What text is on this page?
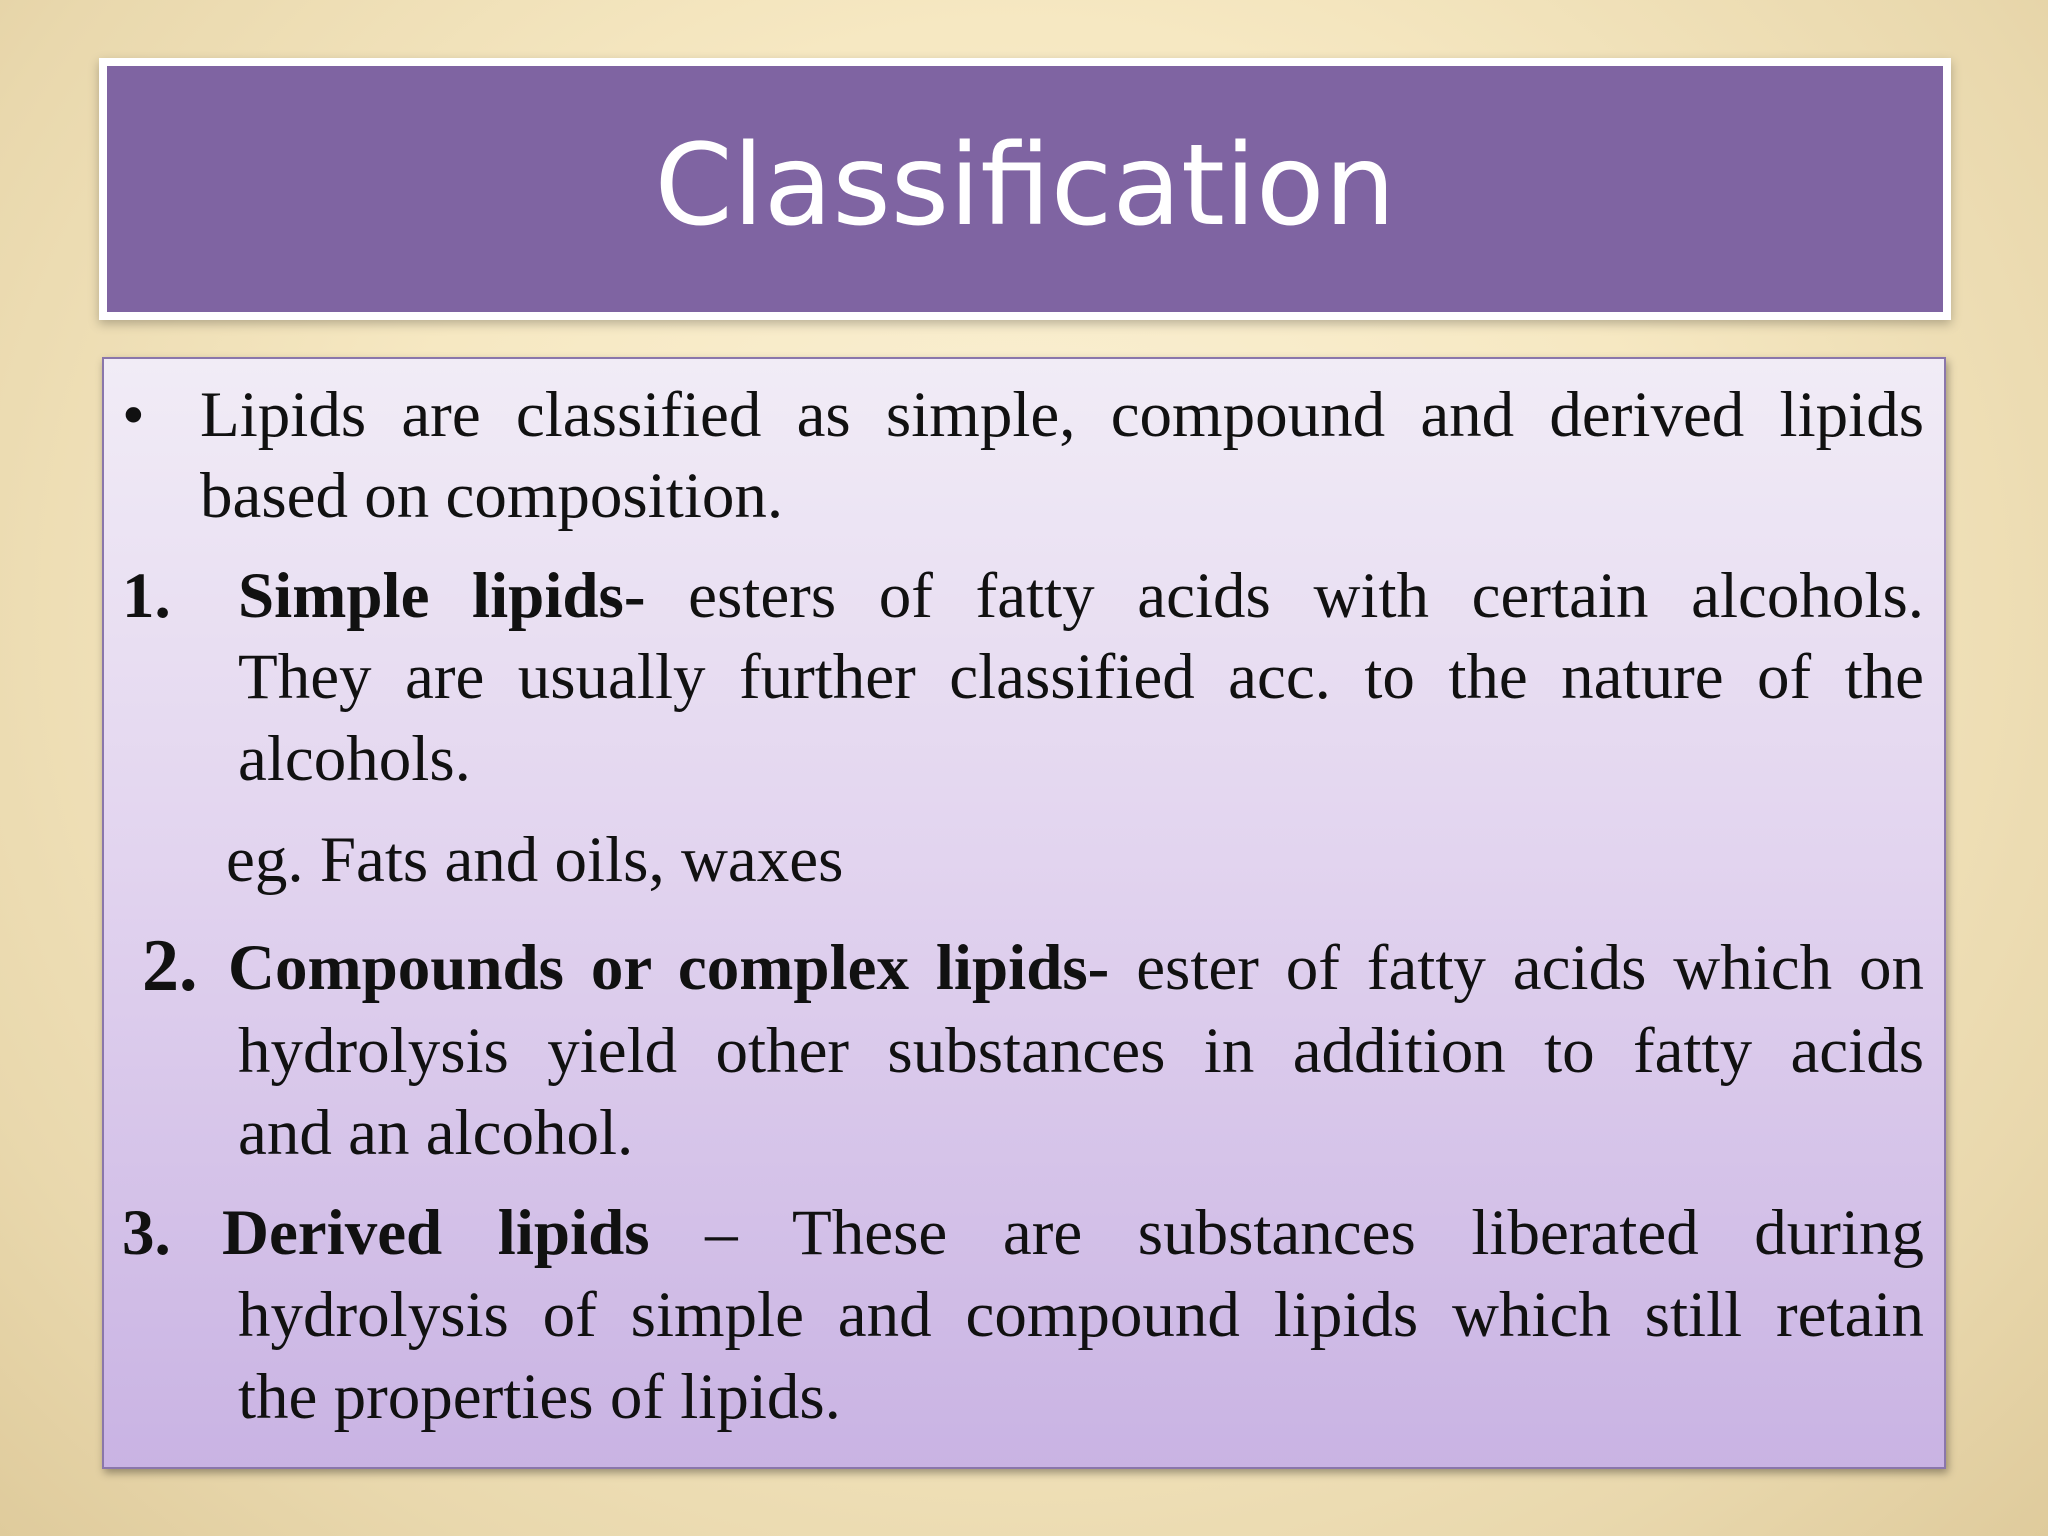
Classification
• Lipids are classified as simple, compound and derived lipids
based on composition.
1. Simple lipids- esters of fatty acids with certain alcohols.
They are usually further classified acc. to the nature of the
alcohols.
eg. Fats and oils, waxes
2. Compounds or complex lipids- ester of fatty acids which on
hydrolysis yield other substances in addition to fatty acids
and an alcohol.
3. Derived lipids – These are substances liberated during
hydrolysis of simple and compound lipids which still retain
the properties of lipids.
